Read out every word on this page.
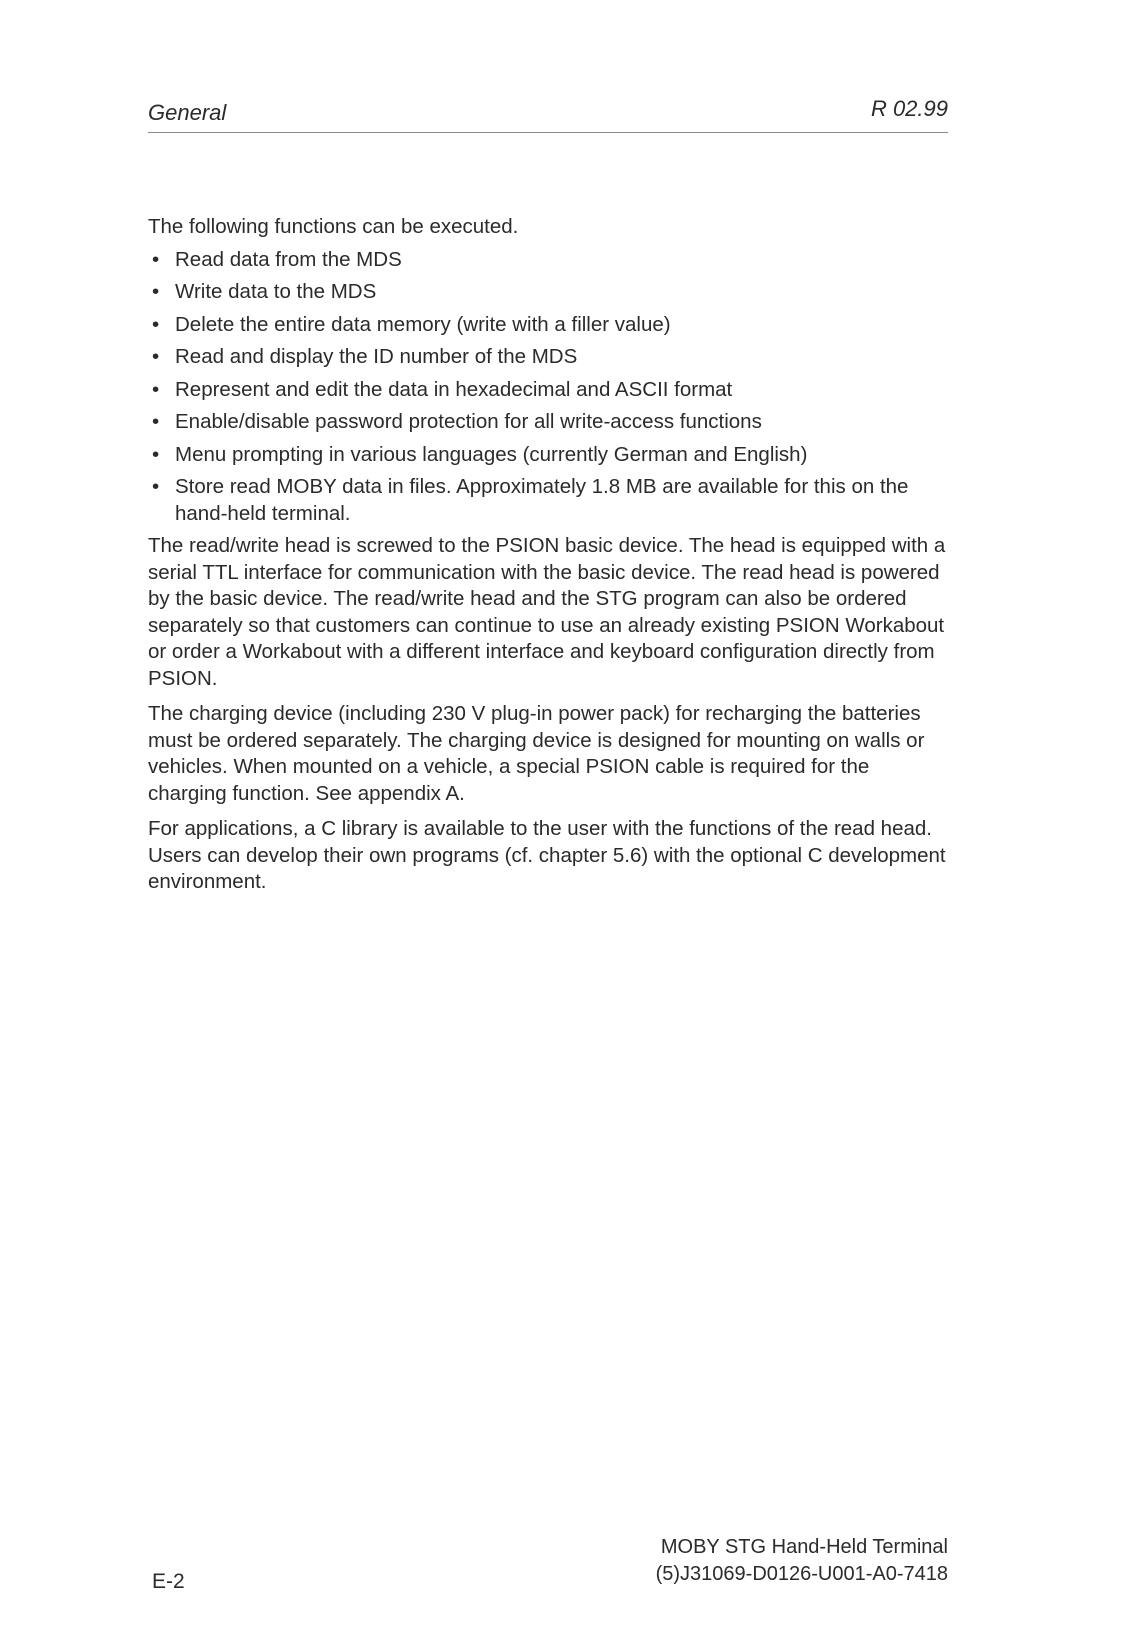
General	R 02.99

The following functions can be executed.

• Read data from the MDS
• Write data to the MDS
• Delete the entire data memory (write with a filler value)
• Read and display the ID number of the MDS
• Represent and edit the data in hexadecimal and ASCII format
• Enable/disable password protection for all write-access functions
• Menu prompting in various languages (currently German and English)
• Store read MOBY data in files. Approximately 1.8 MB are available for this on the hand-held terminal.

The read/write head is screwed to the PSION basic device. The head is equipped with a serial TTL interface for communication with the basic device. The read head is powered by the basic device. The read/write head and the STG program can also be ordered separately so that customers can continue to use an already existing PSION Workabout or order a Workabout with a different interface and keyboard configuration directly from PSION.

The charging device (including 230 V plug-in power pack) for recharging the batteries must be ordered separately. The charging device is designed for mounting on walls or vehicles. When mounted on a vehicle, a special PSION cable is required for the charging function. See appendix A.

For applications, a C library is available to the user with the functions of the read head. Users can develop their own programs (cf. chapter 5.6) with the optional C development environment.

E-2
MOBY STG Hand-Held Terminal
(5)J31069-D0126-U001-A0-7418
